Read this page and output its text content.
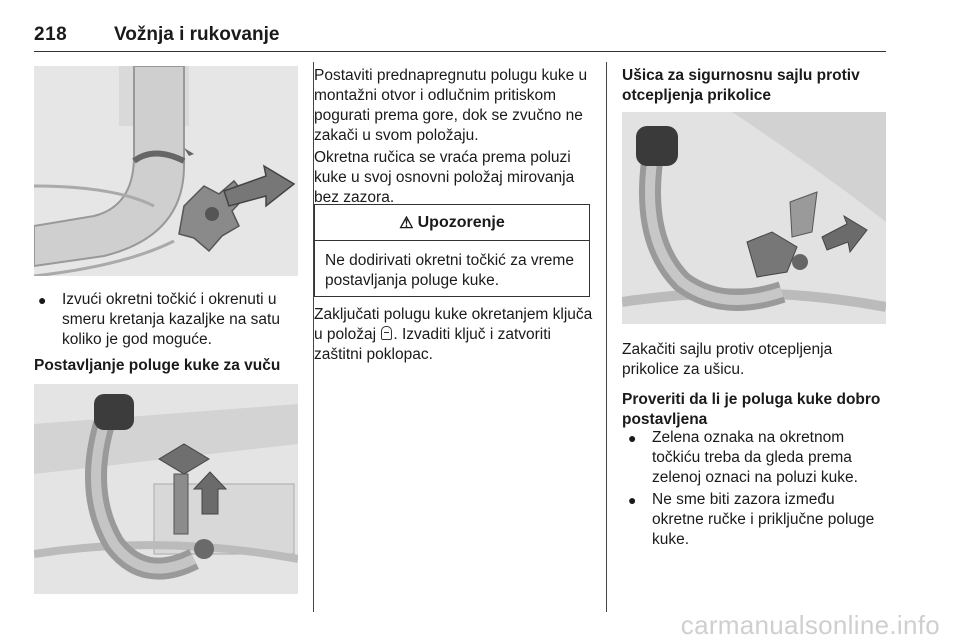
218 Vožnja i rukovanje
●	Izvući okretni točkić i okrenuti u smeru kretanja kazaljke na satu koliko je god moguće.
Postavljanje poluge kuke za vuču
Postaviti prednapregnutu polugu kuke u montažni otvor i odlučnim pritiskom pogurati prema gore, dok se zvučno ne zakači u svom položaju.
Okretna ručica se vraća prema poluzi kuke u svoj osnovni položaj mirovanja bez zazora.
⚠ Upozorenje
Ne dodirivati okretni točkić za vreme postavljanja poluge kuke.
Zaključati polugu kuke okretanjem ključa u položaj . Izvaditi ključ i zatvoriti zaštitni poklopac.
Ušica za sigurnosnu sajlu protiv otcepljenja prikolice
Zakačiti sajlu protiv otcepljenja prikolice za ušicu.
Proveriti da li je poluga kuke dobro postavljena
●	Zelena oznaka na okretnom točkiću treba da gleda prema zelenoj oznaci na poluzi kuke.
●	Ne sme biti zazora između okretne ručke i priključne poluge kuke.
carmanualsonline.info
